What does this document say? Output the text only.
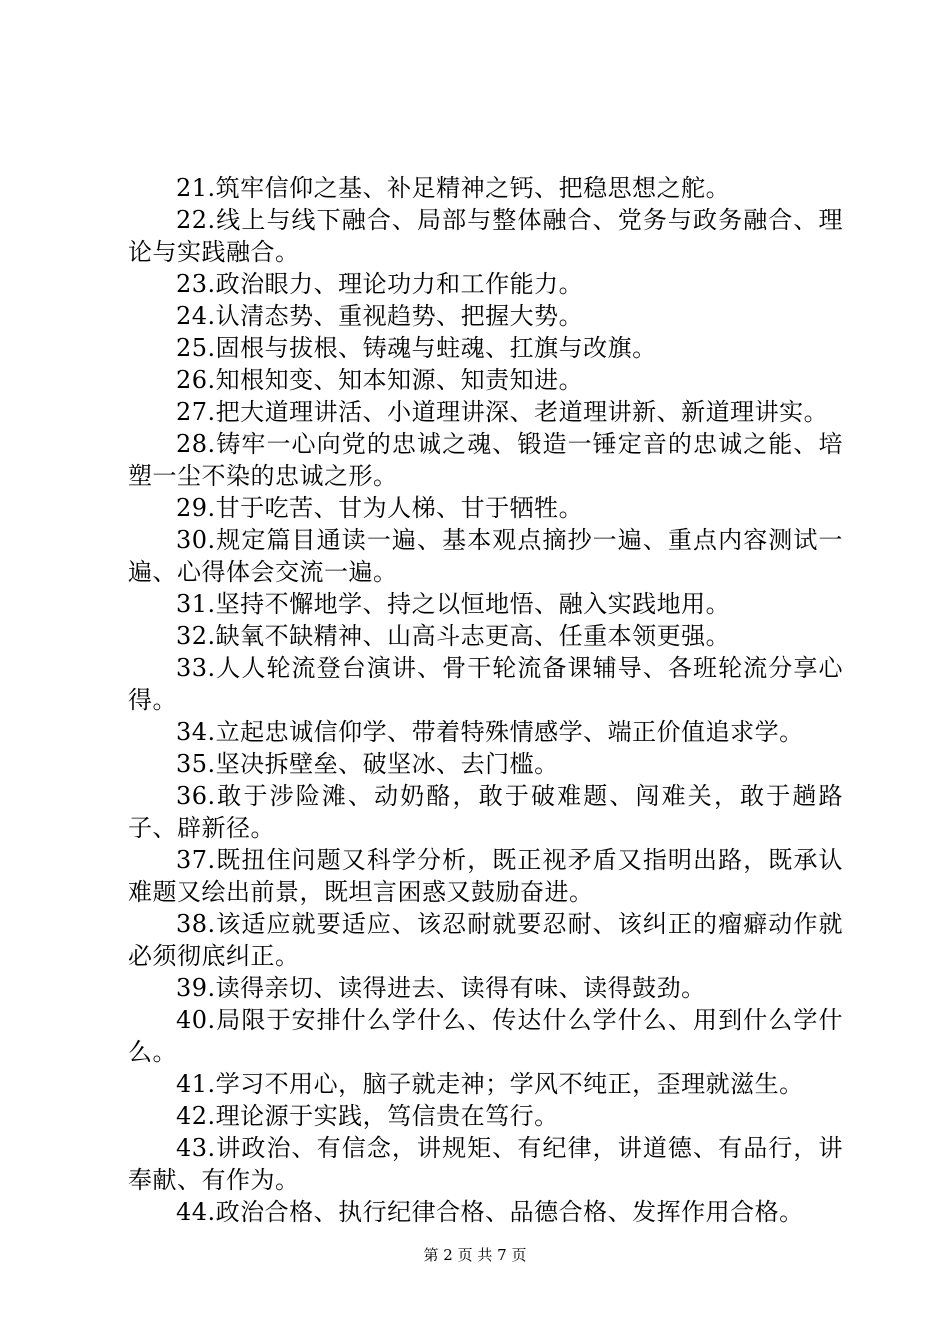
21.筑牢信仰之基、补足精神之钙、把稳思想之舵。

22.线上与线下融合、局部与整体融合、党务与政务融合、理论与实践融合。

23.政治眼力、理论功力和工作能力。

24.认清态势、重视趋势、把握大势。

25.固根与拔根、铸魂与蛀魂、扛旗与改旗。

26.知根知变、知本知源、知责知进。

27.把大道理讲活、小道理讲深、老道理讲新、新道理讲实。

28.铸牢一心向党的忠诚之魂、锻造一锤定音的忠诚之能、培塑一尘不染的忠诚之形。

29.甘于吃苦、甘为人梯、甘于牺牲。

30.规定篇目通读一遍、基本观点摘抄一遍、重点内容测试一遍、心得体会交流一遍。

31.坚持不懈地学、持之以恒地悟、融入实践地用。

32.缺氧不缺精神、山高斗志更高、任重本领更强。

33.人人轮流登台演讲、骨干轮流备课辅导、各班轮流分享心得。

34.立起忠诚信仰学、带着特殊情感学、端正价值追求学。

35.坚决拆壁垒、破坚冰、去门槛。

36.敢于涉险滩、动奶酪，敢于破难题、闯难关，敢于趟路子、辟新径。

37.既扭住问题又科学分析，既正视矛盾又指明出路，既承认难题又绘出前景，既坦言困惑又鼓励奋进。

38.该适应就要适应、该忍耐就要忍耐、该纠正的瘤癖动作就必须彻底纠正。

39.读得亲切、读得进去、读得有味、读得鼓劲。

40.局限于安排什么学什么、传达什么学什么、用到什么学什么。

41.学习不用心，脑子就走神；学风不纯正，歪理就滋生。

42.理论源于实践，笃信贵在笃行。

43.讲政治、有信念，讲规矩、有纪律，讲道德、有品行，讲奉献、有作为。

44.政治合格、执行纪律合格、品德合格、发挥作用合格。

第 2 页 共 7 页
